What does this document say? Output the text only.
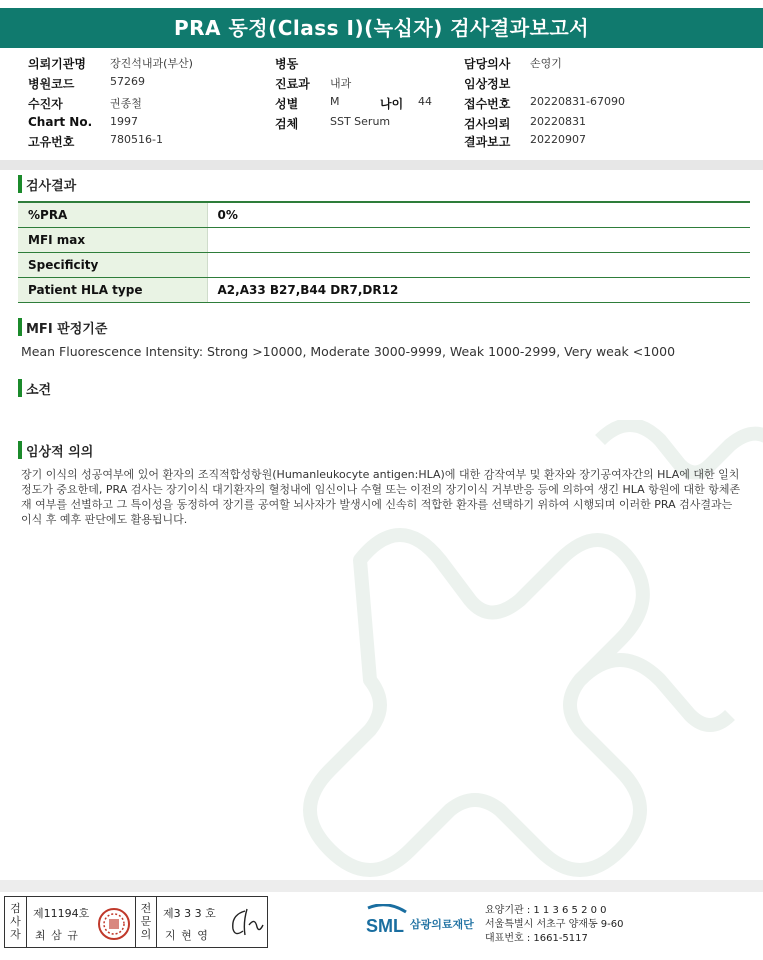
PRA 동정(Class I)(녹십자) 검사결과보고서
의뢰기관명 장진석내과(부산)	병동	담당의사 손영기
병원코드	57269	진료과 내과	임상정보
수진자	권종철	성별	M	나이 44	접수번호 20220831-67090
Chart No. 1997	검체	SST Serum	검사의뢰 20220831
고유번호	780516-1	결과보고 20220907
검사결과
%PRA	0%
MFI max	
Specificity	
Patient HLA type	A2,A33 B27,B44 DR7,DR12
MFI 판정기준
Mean Fluorescence Intensity: Strong >10000, Moderate 3000-9999, Weak 1000-2999, Very weak <1000
소견
임상적 의의
장기 이식의 성공여부에 있어 환자의 조직적합성항원(Humanleukocyte antigen:HLA)에 대한 감작여부 및 환자와 장기공여자간의 HLA에 대한 일치정도가 중요한데, PRA 검사는 장기이식 대기환자의 혈청내에 임신이나 수혈 또는 이전의 장기이식 거부반응 등에 의하여 생긴 HLA 항원에 대한 항체존재 여부를 선별하고 그 특이성을 동정하여 장기를 공여할 뇌사자가 발생시에 신속히 적합한 환자를 선택하기 위하여 시행되며 이러한 PRA 검사결과는 이식 후 예후 판단에도 활용됩니다.
검사자
제11194호
최 삼 규
전문의
제3 3 3 호
지 현 영	SML 삼광의료재단
요양기관 : 1 1 3 6 5 2 0 0
서울특별시 서초구 양재동 9-60
대표번호 : 1661-5117
